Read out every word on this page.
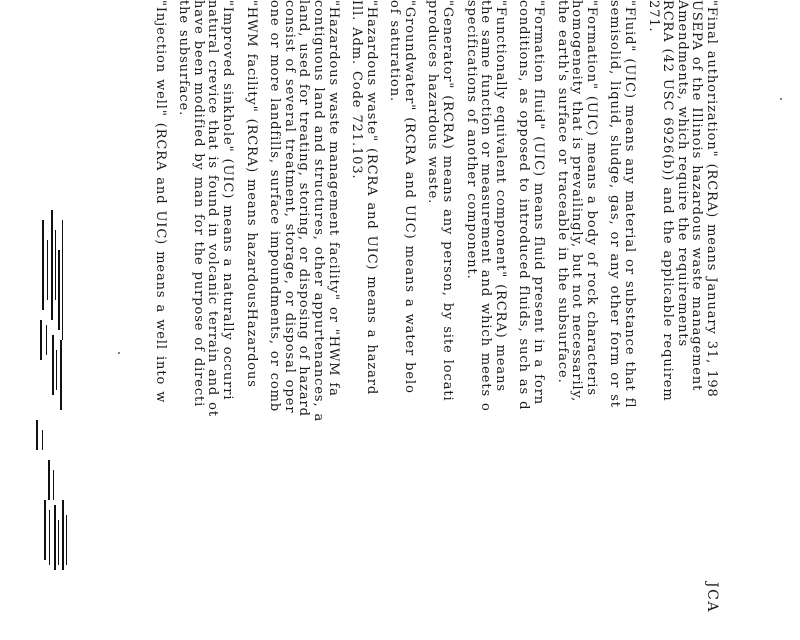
JCA
"Final authorization" (RCRA) means January 31, 198
USEPA of the Illinois hazardous waste management
Amendments, which require the requirements
RCRA (42 USC 6926(b)) and the applicable requirem
271.
"Fluid" (UIC) means any material or substance that fl
semisolid, liquid, sludge, gas, or any other form or st
"Formation" (UIC) means a body of rock characteris
homogeneity that is prevailingly, but not necessarily,
the earth's surface or traceable in the subsurface.
"Formation fluid" (UIC) means fluid present in a forn
conditions, as opposed to introduced fluids, such as d
"Functionally equivalent component" (RCRA) means
the same function or measurement and which meets o
specifications of another component.
"Generator" (RCRA) means any person, by site locati
produces hazardous waste.
"Groundwater" (RCRA and UIC) means a water belo
of saturation.
"Hazardous waste" (RCRA and UIC) means a hazard
Ill. Adm. Code 721.103.
"Hazardous waste management facility" or "HWM fa
contiguous land and structures, other appurtenances, a
land, used for treating, storing, or disposing of hazard
consist of several treatment, storage, or disposal oper
one or more landfills, surface impoundments, or comb
"HWM facility" (RCRA) means hazardousHazardous
"Improved sinkhole" (UIC) means a naturally occurri
natural crevice that is found in volcanic terrain and ot
have been modified by man for the purpose of directi
the subsurface.
"Injection well" (RCRA and UIC) means a well into w
